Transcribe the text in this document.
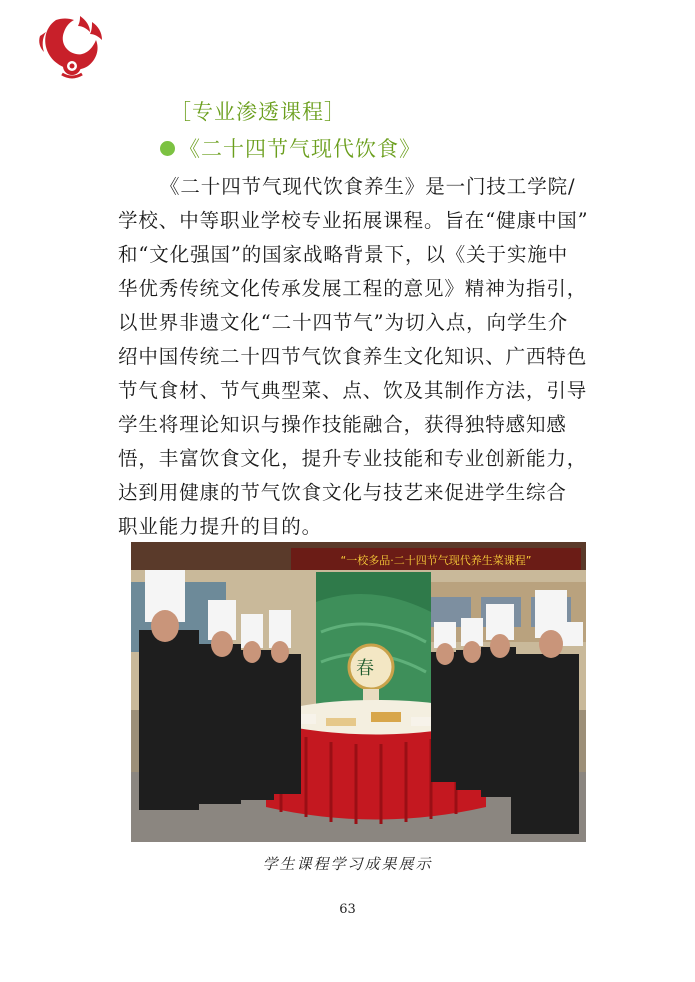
［专业渗透课程］
《二十四节气现代饮食》
《二十四节气现代饮食养生》是一门技工学院/
学校、中等职业学校专业拓展课程。旨在“健康中国”
和“文化强国”的国家战略背景下，以《关于实施中
华优秀传统文化传承发展工程的意见》精神为指引，
以世界非遗文化“二十四节气”为切入点，向学生介
绍中国传统二十四节气饮食养生文化知识、广西特色
节气食材、节气典型菜、点、饮及其制作方法，引导
学生将理论知识与操作技能融合，获得独特感知感
悟，丰富饮食文化，提升专业技能和专业创新能力，
达到用健康的节气饮食文化与技艺来促进学生综合
职业能力提升的目的。
“一校多品·二十四节气现代养生菜课程”
春
学生课程学习成果展示
63
